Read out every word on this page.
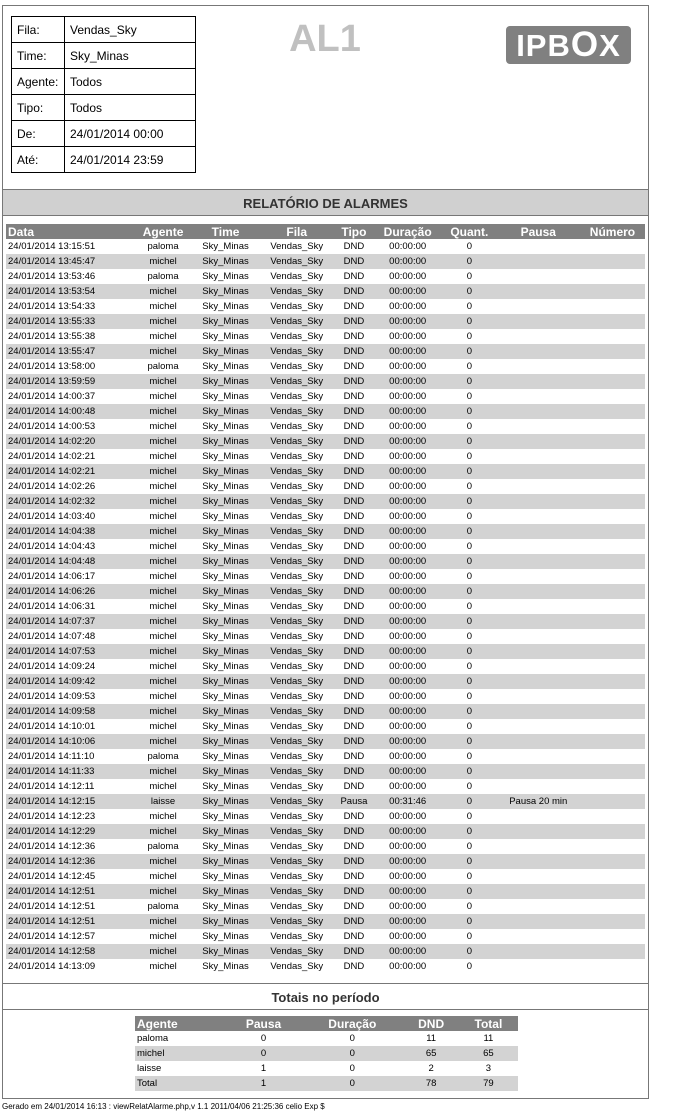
Fila:	Vendas_Sky
Time:	Sky_Minas
Agente:	Todos
Tipo:	Todos
De:	24/01/2014 00:00
Até:	24/01/2014 23:59
AL1	IPBOX
RELATÓRIO DE ALARMES
Data	Agente	Time	Fila	Tipo	Duração	Quant.	Pausa	Número
24/01/2014 13:15:51	paloma	Sky_Minas	Vendas_Sky	DND	00:00:00	0		
24/01/2014 13:45:47	michel	Sky_Minas	Vendas_Sky	DND	00:00:00	0		
24/01/2014 13:53:46	paloma	Sky_Minas	Vendas_Sky	DND	00:00:00	0		
24/01/2014 13:53:54	michel	Sky_Minas	Vendas_Sky	DND	00:00:00	0		
24/01/2014 13:54:33	michel	Sky_Minas	Vendas_Sky	DND	00:00:00	0		
24/01/2014 13:55:33	michel	Sky_Minas	Vendas_Sky	DND	00:00:00	0		
24/01/2014 13:55:38	michel	Sky_Minas	Vendas_Sky	DND	00:00:00	0		
24/01/2014 13:55:47	michel	Sky_Minas	Vendas_Sky	DND	00:00:00	0		
24/01/2014 13:58:00	paloma	Sky_Minas	Vendas_Sky	DND	00:00:00	0		
24/01/2014 13:59:59	michel	Sky_Minas	Vendas_Sky	DND	00:00:00	0		
24/01/2014 14:00:37	michel	Sky_Minas	Vendas_Sky	DND	00:00:00	0		
24/01/2014 14:00:48	michel	Sky_Minas	Vendas_Sky	DND	00:00:00	0		
24/01/2014 14:00:53	michel	Sky_Minas	Vendas_Sky	DND	00:00:00	0		
24/01/2014 14:02:20	michel	Sky_Minas	Vendas_Sky	DND	00:00:00	0		
24/01/2014 14:02:21	michel	Sky_Minas	Vendas_Sky	DND	00:00:00	0		
24/01/2014 14:02:21	michel	Sky_Minas	Vendas_Sky	DND	00:00:00	0		
24/01/2014 14:02:26	michel	Sky_Minas	Vendas_Sky	DND	00:00:00	0		
24/01/2014 14:02:32	michel	Sky_Minas	Vendas_Sky	DND	00:00:00	0		
24/01/2014 14:03:40	michel	Sky_Minas	Vendas_Sky	DND	00:00:00	0		
24/01/2014 14:04:38	michel	Sky_Minas	Vendas_Sky	DND	00:00:00	0		
24/01/2014 14:04:43	michel	Sky_Minas	Vendas_Sky	DND	00:00:00	0		
24/01/2014 14:04:48	michel	Sky_Minas	Vendas_Sky	DND	00:00:00	0		
24/01/2014 14:06:17	michel	Sky_Minas	Vendas_Sky	DND	00:00:00	0		
24/01/2014 14:06:26	michel	Sky_Minas	Vendas_Sky	DND	00:00:00	0		
24/01/2014 14:06:31	michel	Sky_Minas	Vendas_Sky	DND	00:00:00	0		
24/01/2014 14:07:37	michel	Sky_Minas	Vendas_Sky	DND	00:00:00	0		
24/01/2014 14:07:48	michel	Sky_Minas	Vendas_Sky	DND	00:00:00	0		
24/01/2014 14:07:53	michel	Sky_Minas	Vendas_Sky	DND	00:00:00	0		
24/01/2014 14:09:24	michel	Sky_Minas	Vendas_Sky	DND	00:00:00	0		
24/01/2014 14:09:42	michel	Sky_Minas	Vendas_Sky	DND	00:00:00	0		
24/01/2014 14:09:53	michel	Sky_Minas	Vendas_Sky	DND	00:00:00	0		
24/01/2014 14:09:58	michel	Sky_Minas	Vendas_Sky	DND	00:00:00	0		
24/01/2014 14:10:01	michel	Sky_Minas	Vendas_Sky	DND	00:00:00	0		
24/01/2014 14:10:06	michel	Sky_Minas	Vendas_Sky	DND	00:00:00	0		
24/01/2014 14:11:10	paloma	Sky_Minas	Vendas_Sky	DND	00:00:00	0		
24/01/2014 14:11:33	michel	Sky_Minas	Vendas_Sky	DND	00:00:00	0		
24/01/2014 14:12:11	michel	Sky_Minas	Vendas_Sky	DND	00:00:00	0		
24/01/2014 14:12:15	laisse	Sky_Minas	Vendas_Sky	Pausa	00:31:46	0	Pausa 20 min	
24/01/2014 14:12:23	michel	Sky_Minas	Vendas_Sky	DND	00:00:00	0		
24/01/2014 14:12:29	michel	Sky_Minas	Vendas_Sky	DND	00:00:00	0		
24/01/2014 14:12:36	paloma	Sky_Minas	Vendas_Sky	DND	00:00:00	0		
24/01/2014 14:12:36	michel	Sky_Minas	Vendas_Sky	DND	00:00:00	0		
24/01/2014 14:12:45	michel	Sky_Minas	Vendas_Sky	DND	00:00:00	0		
24/01/2014 14:12:51	michel	Sky_Minas	Vendas_Sky	DND	00:00:00	0		
24/01/2014 14:12:51	paloma	Sky_Minas	Vendas_Sky	DND	00:00:00	0		
24/01/2014 14:12:51	michel	Sky_Minas	Vendas_Sky	DND	00:00:00	0		
24/01/2014 14:12:57	michel	Sky_Minas	Vendas_Sky	DND	00:00:00	0		
24/01/2014 14:12:58	michel	Sky_Minas	Vendas_Sky	DND	00:00:00	0		
24/01/2014 14:13:09	michel	Sky_Minas	Vendas_Sky	DND	00:00:00	0		
Totais no período
Agente	Pausa	Duração	DND	Total
paloma	0	0	11	11
michel	0	0	65	65
laisse	1	0	2	3
Total	1	0	78	79
Gerado em 24/01/2014 16:13 : viewRelatAlarme.php,v 1.1 2011/04/06 21:25:36 celio Exp $
